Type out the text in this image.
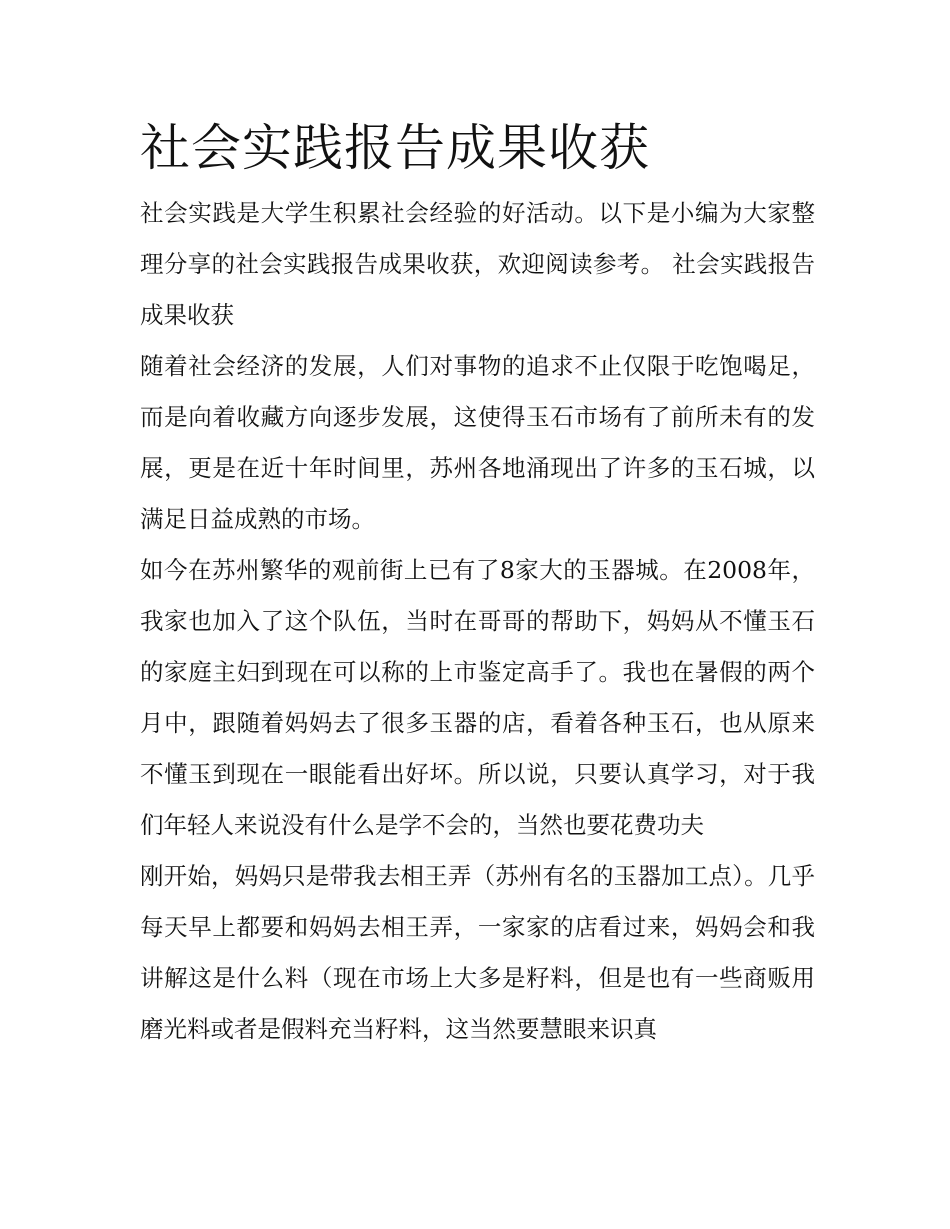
社会实践报告成果收获

社会实践是大学生积累社会经验的好活动。以下是小编为大家整理分享的社会实践报告成果收获，欢迎阅读参考。 社会实践报告成果收获

随着社会经济的发展，人们对事物的追求不止仅限于吃饱喝足，而是向着收藏方向逐步发展，这使得玉石市场有了前所未有的发展，更是在近十年时间里，苏州各地涌现出了许多的玉石城，以满足日益成熟的市场。

如今在苏州繁华的观前街上已有了8家大的玉器城。在2008年，我家也加入了这个队伍，当时在哥哥的帮助下，妈妈从不懂玉石的家庭主妇到现在可以称的上市鉴定高手了。我也在暑假的两个月中，跟随着妈妈去了很多玉器的店，看着各种玉石，也从原来不懂玉到现在一眼能看出好坏。所以说，只要认真学习，对于我们年轻人来说没有什么是学不会的，当然也要花费功夫

刚开始，妈妈只是带我去相王弄（苏州有名的玉器加工点）。几乎每天早上都要和妈妈去相王弄，一家家的店看过来，妈妈会和我讲解这是什么料（现在市场上大多是籽料，但是也有一些商贩用磨光料或者是假料充当籽料，这当然要慧眼来识真
